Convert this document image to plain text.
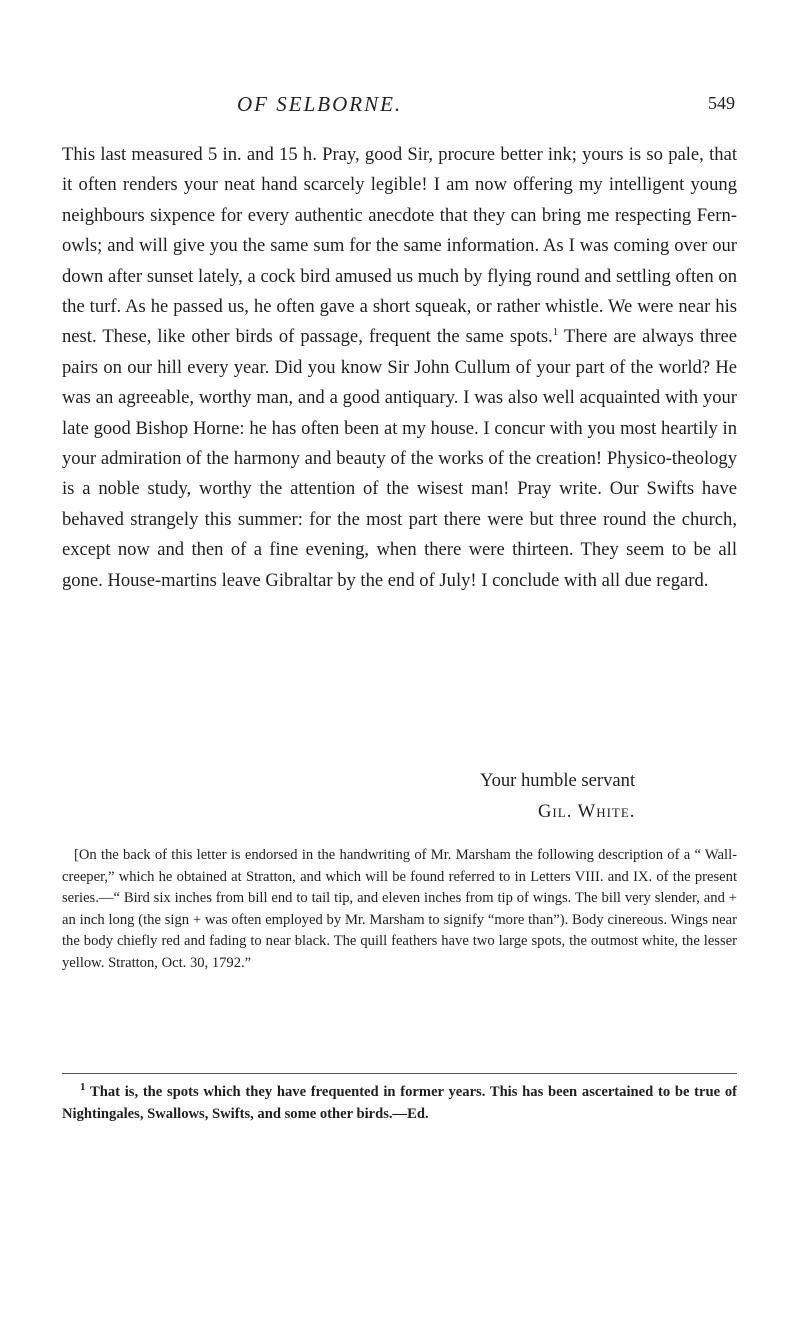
OF SELBORNE.	549

This last measured 5 in. and 15 h. Pray, good Sir, procure better ink; yours is so pale, that it often renders your neat hand scarcely legible! I am now offering my intelligent young neighbours sixpence for every authentic anecdote that they can bring me respecting Fern-owls; and will give you the same sum for the same information. As I was coming over our down after sunset lately, a cock bird amused us much by flying round and settling often on the turf. As he passed us, he often gave a short squeak, or rather whistle. We were near his nest. These, like other birds of passage, frequent the same spots.$^1$ There are always three pairs on our hill every year. Did you know Sir John Cullum of your part of the world? He was an agreeable, worthy man, and a good antiquary. I was also well acquainted with your late good Bishop Horne: he has often been at my house. I concur with you most heartily in your admiration of the harmony and beauty of the works of the creation! Physico-theology is a noble study, worthy the attention of the wisest man! Pray write. Our Swifts have behaved strangely this summer: for the most part there were but three round the church, except now and then of a fine evening, when there were thirteen. They seem to be all gone. House-martins leave Gibraltar by the end of July! I conclude with all due regard.

Your humble servant
Gil. White.
[On the back of this letter is endorsed in the handwriting of Mr. Marsham the following description of a “ Wall-creeper,” which he obtained at Stratton, and which will be found referred to in Letters VIII. and IX. of the present series.—“ Bird six inches from bill end to tail tip, and eleven inches from tip of wings. The bill very slender, and + an inch long (the sign + was often employed by Mr. Marsham to signify “more than”). Body cinereous. Wings near the body chiefly red and fading to near black. The quill feathers have two large spots, the outmost white, the lesser yellow. Stratton, Oct. 30, 1792.”
$^1$ That is, the spots which they have frequented in former years. This has been ascertained to be true of Nightingales, Swallows, Swifts, and some other birds.—Ed.
